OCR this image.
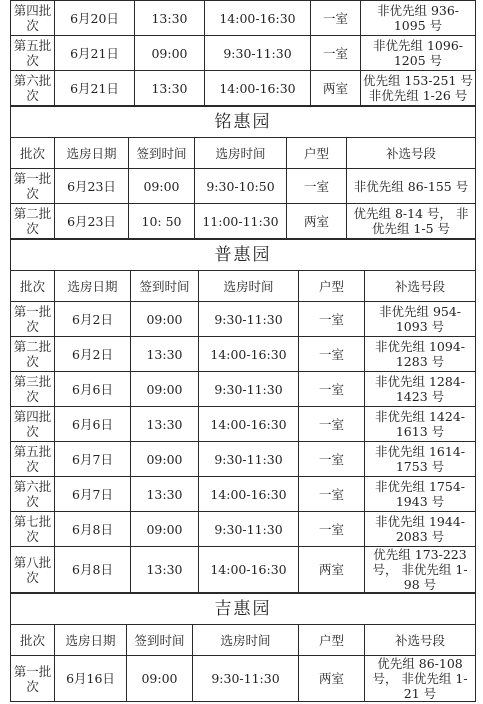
第四批次	6月20日	13:30	14:00-16:30	一室	非优先组 936-1095 号
第五批次	6月21日	09:00	9:30-11:30	一室	非优先组 1096-1205 号
第六批次	6月21日	13:30	14:00-16:30	两室	优先组 153-251 号 非优先组 1-26 号
铭惠园					
批次	选房日期	签到时间	选房时间	户型	补选号段
第一批次	6月23日	09:00	9:30-10:50	一室	非优先组 86-155 号
第二批次	6月23日	10: 50	11:00-11:30	两室	优先组 8-14 号， 非优先组 1-5 号
普惠园					
批次	选房日期	签到时间	选房时间	户型	补选号段
第一批次	6月2日	09:00	9:30-11:30	一室	非优先组 954-1093 号
第二批次	6月2日	13:30	14:00-16:30	一室	非优先组 1094-1283 号
第三批次	6月6日	09:00	9:30-11:30	一室	非优先组 1284-1423 号
第四批次	6月6日	13:30	14:00-16:30	一室	非优先组 1424-1613 号
第五批次	6月7日	09:00	9:30-11:30	一室	非优先组 1614-1753 号
第六批次	6月7日	13:30	14:00-16:30	一室	非优先组 1754-1943 号
第七批次	6月8日	09:00	9:30-11:30	一室	非优先组 1944-2083 号
第八批次	6月8日	13:30	14:00-16:30	两室	优先组 173-223 号， 非优先组 1-98 号
吉惠园					
批次	选房日期	签到时间	选房时间	户型	补选号段
第一批次	6月16日	09:00	9:30-11:30	两室	优先组 86-108 号， 非优先组 1-21 号
